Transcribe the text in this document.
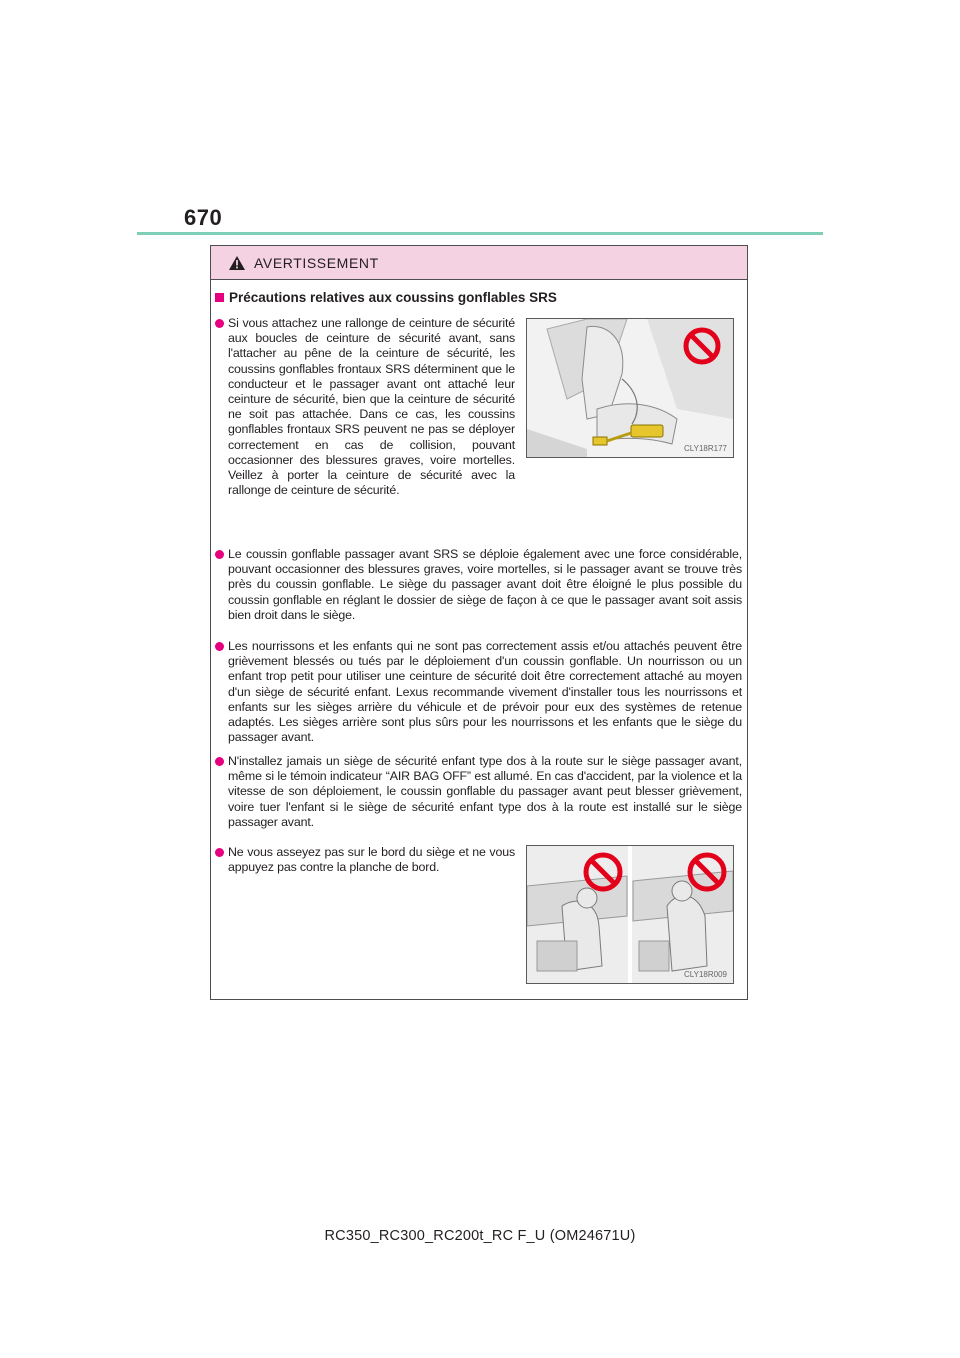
670
AVERTISSEMENT
Précautions relatives aux coussins gonflables SRS
Si vous attachez une rallonge de ceinture de sécurité aux boucles de ceinture de sécurité avant, sans l'attacher au pêne de la ceinture de sécurité, les coussins gonflables frontaux SRS déterminent que le conducteur et le passager avant ont attaché leur ceinture de sécurité, bien que la ceinture de sécurité ne soit pas attachée. Dans ce cas, les coussins gonflables frontaux SRS peuvent ne pas se déployer correctement en cas de collision, pouvant occasionner des blessures graves, voire mortelles. Veillez à porter la ceinture de sécurité avec la rallonge de ceinture de sécurité.
CLY18R177
Le coussin gonflable passager avant SRS se déploie également avec une force considérable, pouvant occasionner des blessures graves, voire mortelles, si le passager avant se trouve très près du coussin gonflable. Le siège du passager avant doit être éloigné le plus possible du coussin gonflable en réglant le dossier de siège de façon à ce que le passager avant soit assis bien droit dans le siège.
Les nourrissons et les enfants qui ne sont pas correctement assis et/ou attachés peuvent être grièvement blessés ou tués par le déploiement d'un coussin gonflable. Un nourrisson ou un enfant trop petit pour utiliser une ceinture de sécurité doit être correctement attaché au moyen d'un siège de sécurité enfant. Lexus recommande vivement d'installer tous les nourrissons et enfants sur les sièges arrière du véhicule et de prévoir pour eux des systèmes de retenue adaptés. Les sièges arrière sont plus sûrs pour les nourrissons et les enfants que le siège du passager avant.
N'installez jamais un siège de sécurité enfant type dos à la route sur le siège passager avant, même si le témoin indicateur “AIR BAG OFF” est allumé. En cas d'accident, par la violence et la vitesse de son déploiement, le coussin gonflable du passager avant peut blesser grièvement, voire tuer l'enfant si le siège de sécurité enfant type dos à la route est installé sur le siège passager avant.
Ne vous asseyez pas sur le bord du siège et ne vous appuyez pas contre la planche de bord.
CLY18R009
RC350_RC300_RC200t_RC F_U (OM24671U)
